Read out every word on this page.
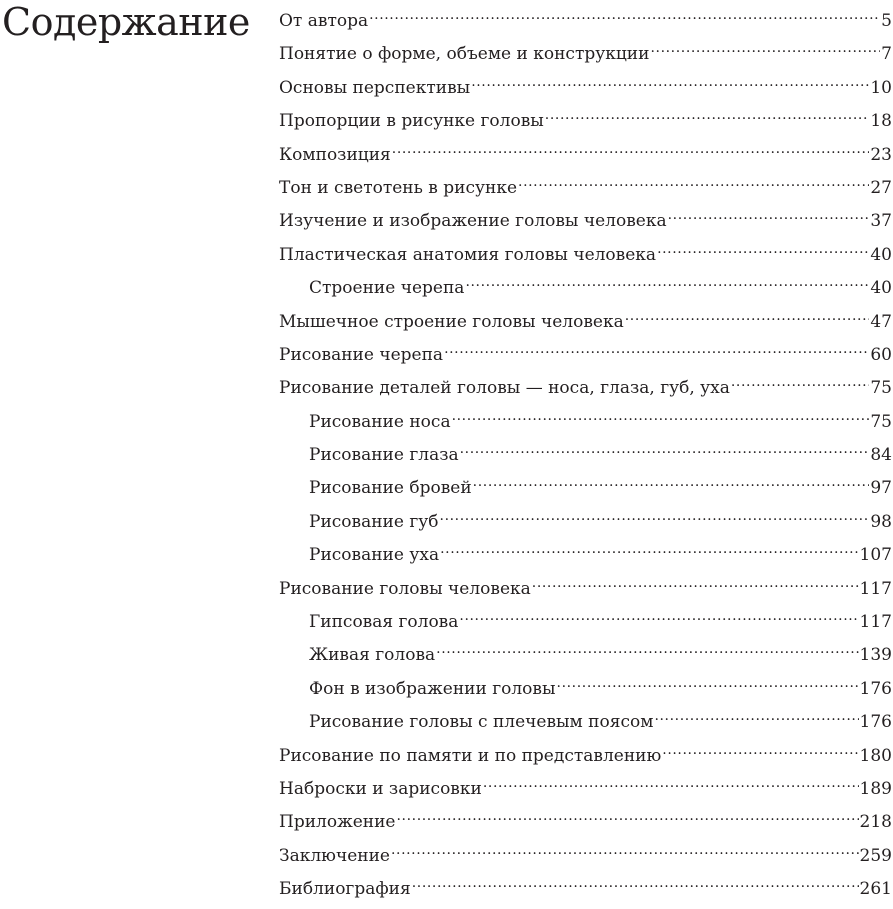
Содержание От автора .....	5
Понятие о форме, объеме и конструкции .....	7
Основы перспективы .....	10
Пропорции в рисунке головы .....	18
Композиция .....	23
Тон и светотень в рисунке .....	27
Изучение и изображение головы человека .....	37
Пластическая анатомия головы человека .....	40
Строение черепа .....	40
Мышечное строение головы человека .....	47
Рисование черепа .....	60
Рисование деталей головы — носа, глаза, губ, уха .....	75
Рисование носа .....	75
Рисование глаза .....	84
Рисование бровей .....	97
Рисование губ .....	98
Рисование уха .....	107
Рисование головы человека .....	117
Гипсовая голова .....	117
Живая голова .....	139
Фон в изображении головы .....	176
Рисование головы с плечевым поясом .....	176
Рисование по памяти и по представлению .....	180
Наброски и зарисовки .....	189
Приложение .....	218
Заключение .....	259
Библиография .....	261
